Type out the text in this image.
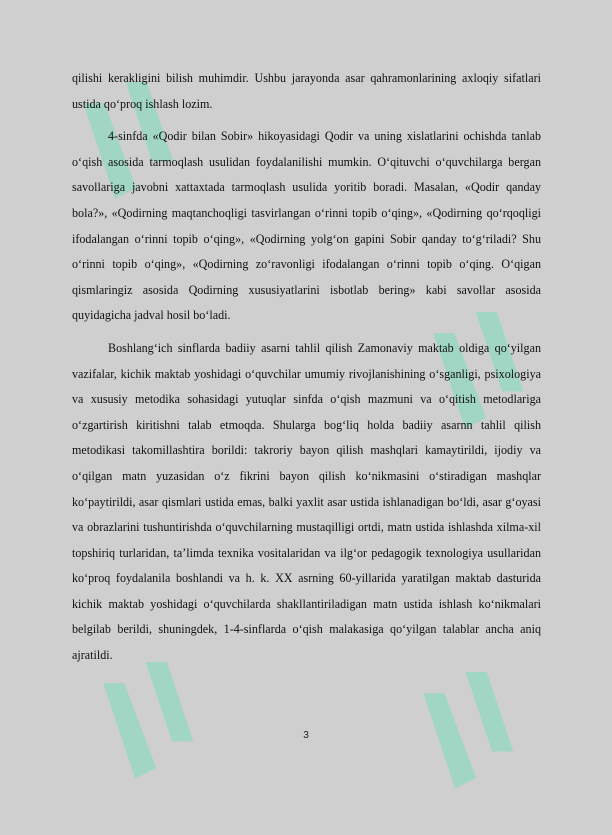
qilishi kerakligini bilish muhimdir. Ushbu jarayonda asar qahramonlarining axloqiy sifatlari ustida qo‘proq ishlash lozim.

4-sinfda «Qodir bilan Sobir» hikoyasidagi Qodir va uning xislatlarini ochishda tanlab o‘qish asosida tarmoqlash usulidan foydalanilishi mumkin. O‘qituvchi o‘quvchilarga bergan savollariga javobni xattaxtada tarmoqlash usulida yoritib boradi. Masalan, «Qodir qanday bola?», «Qodirning maqtanchoqligi tasvirlangan o‘rinni topib o‘qing», «Qodirning qo‘rqoqligi ifodalangan o‘rinni topib o‘qing», «Qodirning yolg‘on gapini Sobir qanday to‘g‘riladi? Shu o‘rinni topib o‘qing», «Qodirning zo‘ravonligi ifodalangan o‘rinni topib o‘qing. O‘qigan qismlaringiz asosida Qodirning xususiyatlarini isbotlab bering» kabi savollar asosida quyidagicha jadval hosil bo‘ladi.

Boshlang‘ich sinflarda badiiy asarni tahlil qilish Zamonaviy maktab oldiga qo‘yilgan vazifalar, kichik maktab yoshidagi o‘quvchilar umumiy rivojlanishining o‘sganligi, psixologiya va xususiy metodika sohasidagi yutuqlar sinfda o‘qish mazmuni va o‘qitish metodlariga o‘zgartirish kiritishni talab etmoqda. Shularga bog‘liq holda badiiy asarnn tahlil qilish metodikasi takomillashtira borildi: takroriy bayon qilish mashqlari kamaytirildi, ijodiy va o‘qilgan matn yuzasidan o‘z fikrini bayon qilish ko‘nikmasini o‘stiradigan mashqlar ko‘paytirildi, asar qismlari ustida emas, balki yaxlit asar ustida ishlanadigan bo‘ldi, asar g‘oyasi va obrazlarini tushuntirishda o‘quvchilarning mustaqilligi ortdi, matn ustida ishlashda xilma-xil topshiriq turlaridan, ta’limda texnika vositalaridan va ilg‘or pedagogik texnologiya usullaridan ko‘proq foydalanila boshlandi va h. k. XX asrning 60-yillarida yaratilgan maktab dasturida kichik maktab yoshidagi o‘quvchilarda shakllantiriladigan matn ustida ishlash ko‘nikmalari belgilab berildi, shuningdek, 1-4-sinflarda o‘qish malakasiga qo‘yilgan talablar ancha aniq ajratildi.

3
